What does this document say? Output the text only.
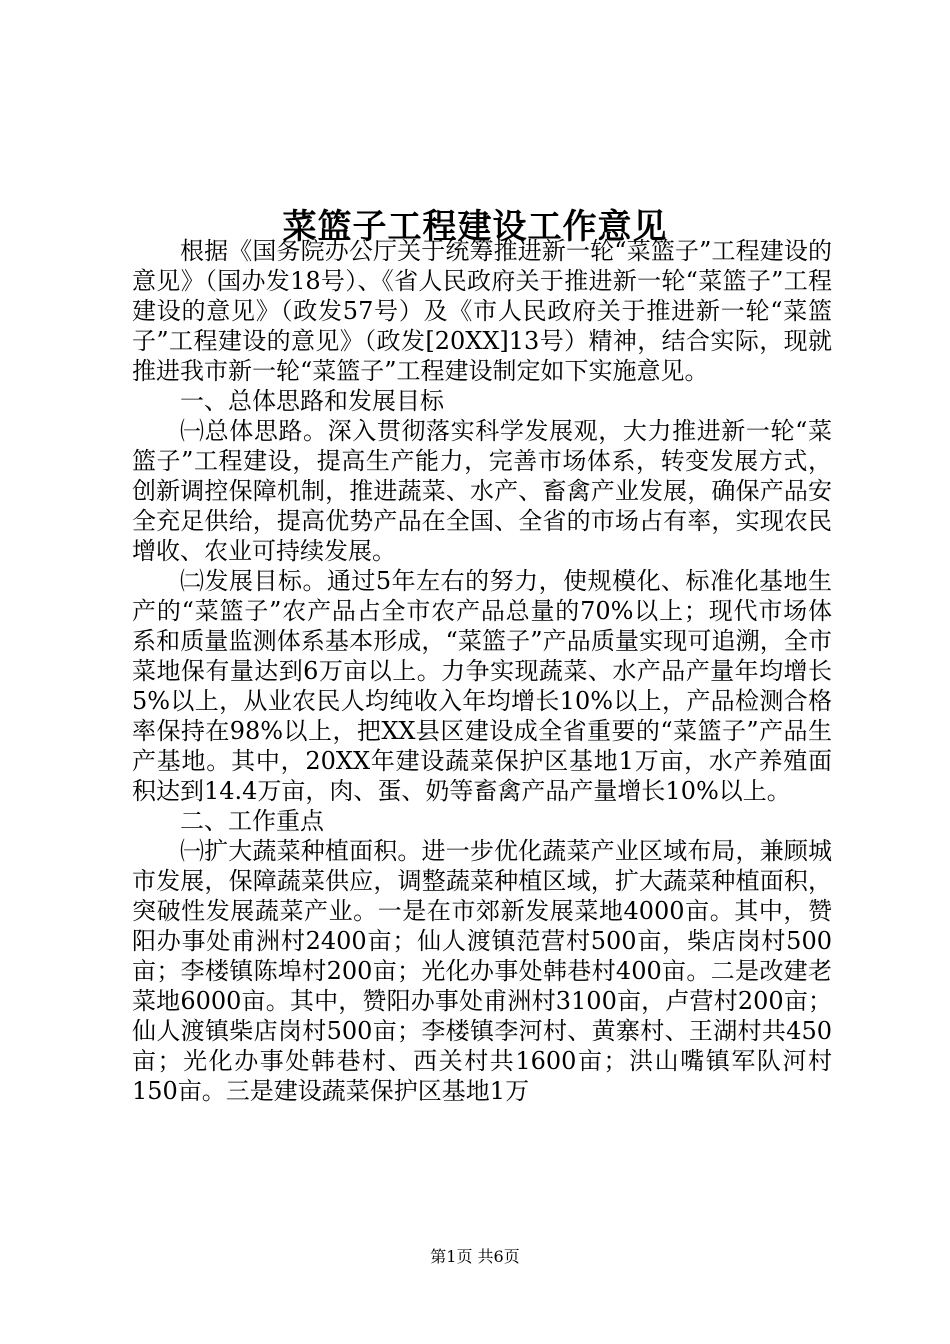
菜篮子工程建设工作意见

根据《国务院办公厅关于统筹推进新一轮“菜篮子”工程建设的意见》（国办发18号）、《省人民政府关于推进新一轮“菜篮子”工程建设的意见》（政发57号）及《市人民政府关于推进新一轮“菜篮子”工程建设的意见》（政发[20XX]13号）精神，结合实际，现就推进我市新一轮“菜篮子”工程建设制定如下实施意见。

一、总体思路和发展目标

㈠总体思路。深入贯彻落实科学发展观，大力推进新一轮“菜篮子”工程建设，提高生产能力，完善市场体系，转变发展方式，创新调控保障机制，推进蔬菜、水产、畜禽产业发展，确保产品安全充足供给，提高优势产品在全国、全省的市场占有率，实现农民增收、农业可持续发展。

㈡发展目标。通过5年左右的努力，使规模化、标准化基地生产的“菜篮子”农产品占全市农产品总量的70%以上；现代市场体系和质量监测体系基本形成，“菜篮子”产品质量实现可追溯，全市菜地保有量达到6万亩以上。力争实现蔬菜、水产品产量年均增长5%以上，从业农民人均纯收入年均增长10%以上，产品检测合格率保持在98%以上，把XX县区建设成全省重要的“菜篮子”产品生产基地。其中，20XX年建设蔬菜保护区基地1万亩，水产养殖面积达到14.4万亩，肉、蛋、奶等畜禽产品产量增长10%以上。

二、工作重点

㈠扩大蔬菜种植面积。进一步优化蔬菜产业区域布局，兼顾城市发展，保障蔬菜供应，调整蔬菜种植区域，扩大蔬菜种植面积，突破性发展蔬菜产业。一是在市郊新发展菜地4000亩。其中，赞阳办事处甫洲村2400亩；仙人渡镇范营村500亩，柴店岗村500亩；李楼镇陈埠村200亩；光化办事处韩巷村400亩。二是改建老菜地6000亩。其中，赞阳办事处甫洲村3100亩，卢营村200亩；仙人渡镇柴店岗村500亩；李楼镇李河村、黄寨村、王湖村共450亩；光化办事处韩巷村、西关村共1600亩；洪山嘴镇军队河村150亩。三是建设蔬菜保护区基地1万

第1页 共6页
